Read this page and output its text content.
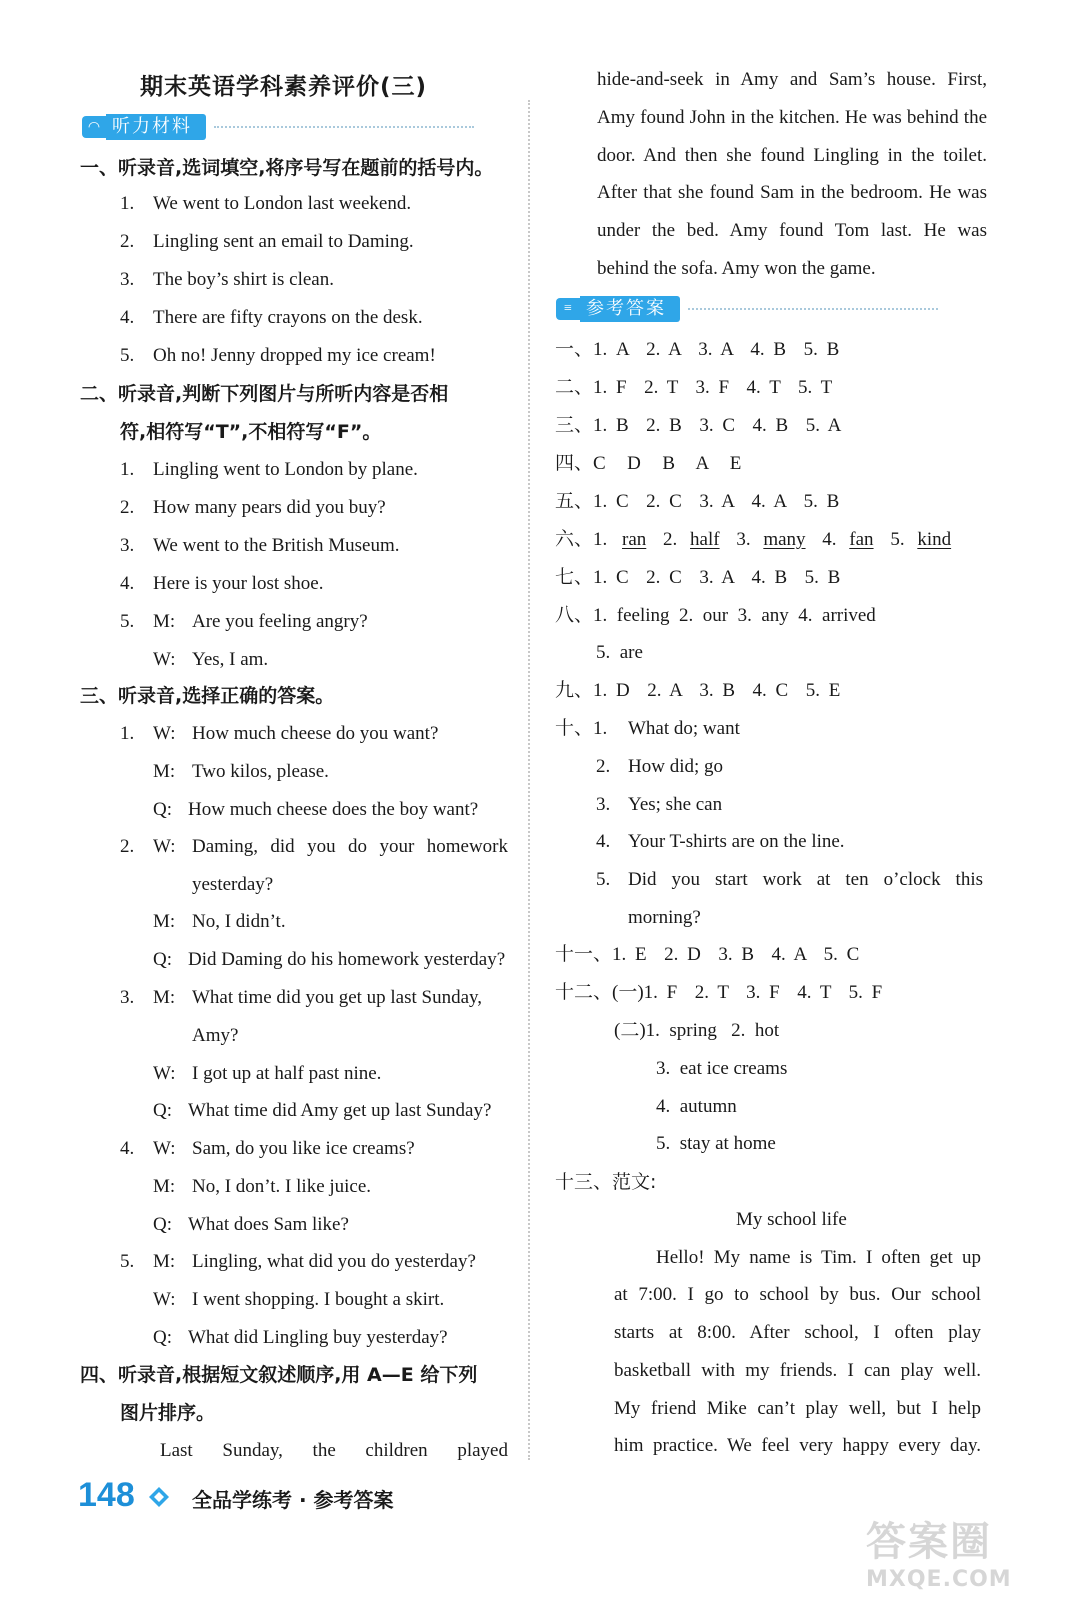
期末英语学科素养评价(三)
◠ 听力材料
一、听录音,选词填空,将序号写在题前的括号内。
1. We went to London last weekend.
2. Lingling sent an email to Daming.
3. The boy’s shirt is clean.
4. There are fifty crayons on the desk.
5. Oh no! Jenny dropped my ice cream!
二、听录音,判断下列图片与所听内容是否相
符,相符写“T”,不相符写“F”。
1. Lingling went to London by plane.
2. How many pears did you buy?
3. We went to the British Museum.
4. Here is your lost shoe.
5. M: Are you feeling angry?
W: Yes, I am.
三、听录音,选择正确的答案。
1. W: How much cheese do you want?
M: Two kilos, please.
Q: How much cheese does the boy want?
2. W: Daming, did you do your homework
yesterday?
M: No, I didn’t.
Q: Did Daming do his homework yesterday?
3. M: What time did you get up last Sunday,
Amy?
W: I got up at half past nine.
Q: What time did Amy get up last Sunday?
4. W: Sam, do you like ice creams?
M: No, I don’t. I like juice.
Q: What does Sam like?
5. M: Lingling, what did you do yesterday?
W: I went shopping. I bought a skirt.
Q: What did Lingling buy yesterday?
四、听录音,根据短文叙述顺序,用 A—E 给下列
图片排序。
Last Sunday, the children played
hide-and-seek in Amy and Sam’s house. First,
Amy found John in the kitchen. He was behind the
door. And then she found Lingling in the toilet.
After that she found Sam in the bedroom. He was
under the bed. Amy found Tom last. He was
behind the sofa. Amy won the game.
≡ 参考答案
一、1. A  2. A  3. A  4. B  5. B
二、1. F  2. T  3. F  4. T  5. T
三、1. B  2. B  3. C  4. B  5. A
四、C  D  B  A  E
五、1. C  2. C  3. A  4. A  5. B
六、1. ran 2. half 3. many 4. fan 5. kind
七、1. C  2. C  3. A  4. B  5. B
八、1.  feeling  2.  our  3.  any  4.  arrived
5.  are
九、1. D  2. A  3. B  4. C  5. E
十、1. What do; want
2. How did; go
3. Yes; she can
4. Your T-shirts are on the line.
5. Did you start work at ten o’clock this
morning?
十一、1. E  2. D  3. B  4. A  5. C
十二、(一)1. F  2. T  3. F  4. T  5. F
(二)1.  spring   2.  hot
3.  eat ice creams
4.  autumn
5.  stay at home
十三、范文:
My school life
Hello! My name is Tim. I often get up
at 7:00. I go to school by bus. Our school
starts at 8:00. After school, I often play
basketball with my friends. I can play well.
My friend Mike can’t play well, but I help
him practice. We feel very happy every day.
148	全品学练考 · 参考答案
答案圈
MXQE.COM
